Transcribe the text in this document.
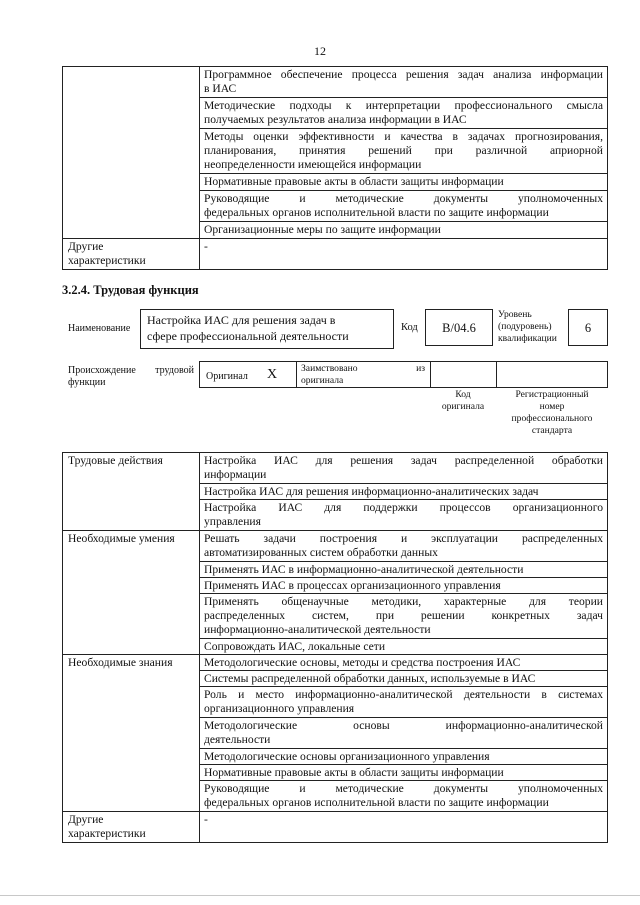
12

	Программное обеспечение процесса решения задач анализа информации
в ИАС

	Методические подходы к интерпретации профессионального смысла
получаемых результатов анализа информации в ИАС

	Методы оценки эффективности и качества в задачах прогнозирования,
планирования, принятия решений при различной априорной
неопределенности имеющейся информации

	Нормативные правовые акты в области защиты информации

	Руководящие и методические документы уполномоченных
федеральных органов исполнительной власти по защите информации

	Организационные меры по защите информации

Другие
характеристики	-
3.2.4. Трудовая функция
Наименование
Настройка ИАС для решения задач в
сфере профессиональной деятельности
Код	В/04.6
Уровень
(подуровень)
квалификации
6
Происхождение трудовой
функции
Оригинал X Заимствовано из
оригинала
Код
оригинала
Регистрационный
номер
профессионального
стандарта
Трудовые действия	Настройка ИАС для решения задач распределенной обработки
информации

	Настройка ИАС для решения информационно-аналитических задач

	Настройка ИАС для поддержки процессов организационного
управления

Необходимые умения	Решать задачи построения и эксплуатации распределенных
автоматизированных систем обработки данных

	Применять ИАС в информационно-аналитической деятельности

	Применять ИАС в процессах организационного управления

	Применять общенаучные методики, характерные для теории
распределенных систем, при решении конкретных задач
информационно-аналитической деятельности

	Сопровождать ИАС, локальные сети

Необходимые знания	Методологические основы, методы и средства построения ИАС

	Системы распределенной обработки данных, используемые в ИАС

	Роль и место информационно-аналитической деятельности в системах
организационного управления

	Методологические основы информационно-аналитической
деятельности

	Методологические основы организационного управления

	Нормативные правовые акты в области защиты информации

	Руководящие и методические документы уполномоченных
федеральных органов исполнительной власти по защите информации

Другие
характеристики	-
